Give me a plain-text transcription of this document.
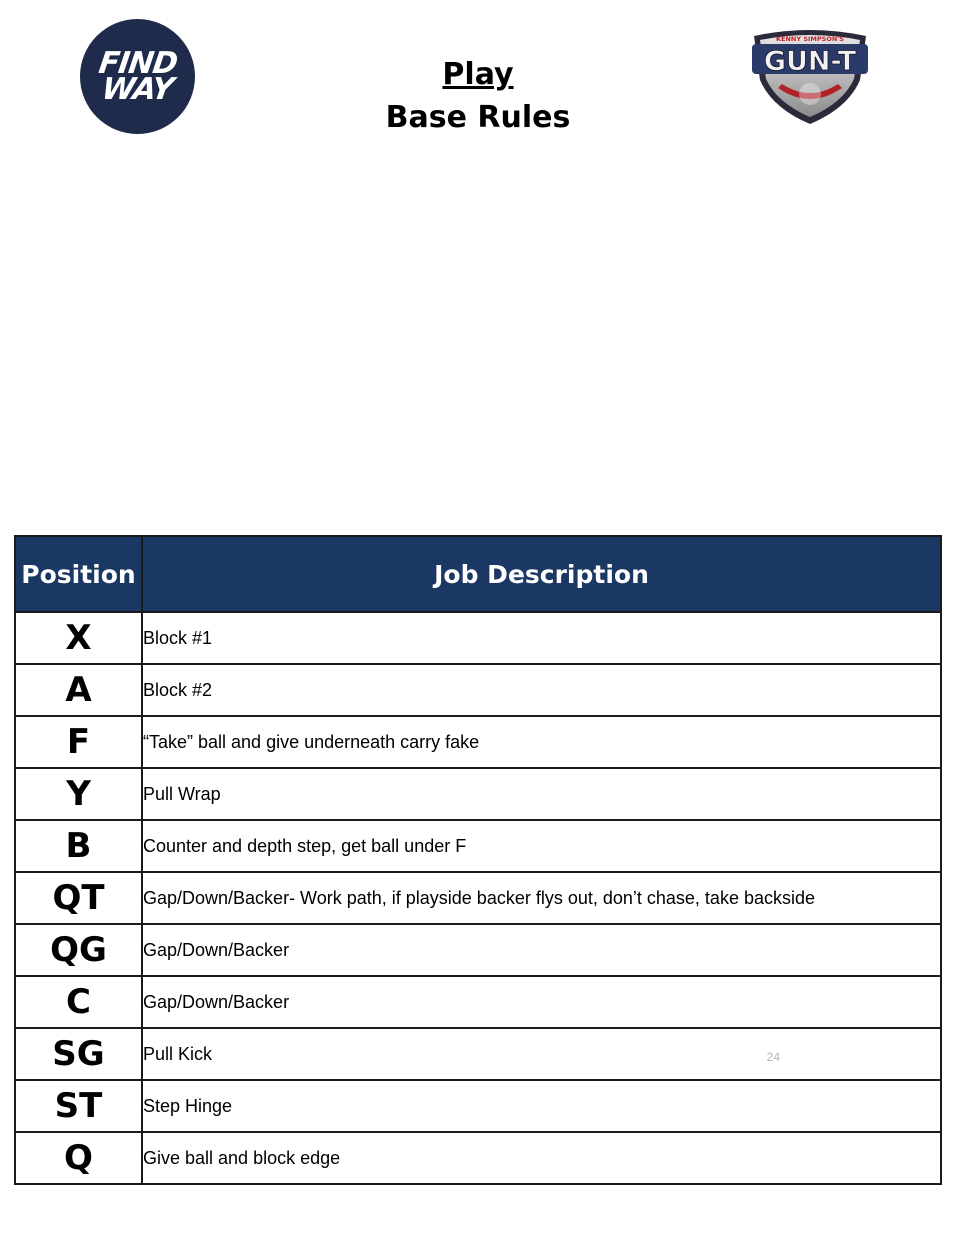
FIND
WAY	Play
Base Rules
KENNY SIMPSON'S
GUN-T
Position	Job Description
X	Block #1
A	Block #2
F	“Take” ball and give underneath carry fake
Y	Pull Wrap
B	Counter and depth step, get ball under F
QT	Gap/Down/Backer- Work path, if playside backer flys out, don’t chase, take backside
QG	Gap/Down/Backer
C	Gap/Down/Backer
SG	Pull Kick 24

ST	Step Hinge
Q	Give ball and block edge
